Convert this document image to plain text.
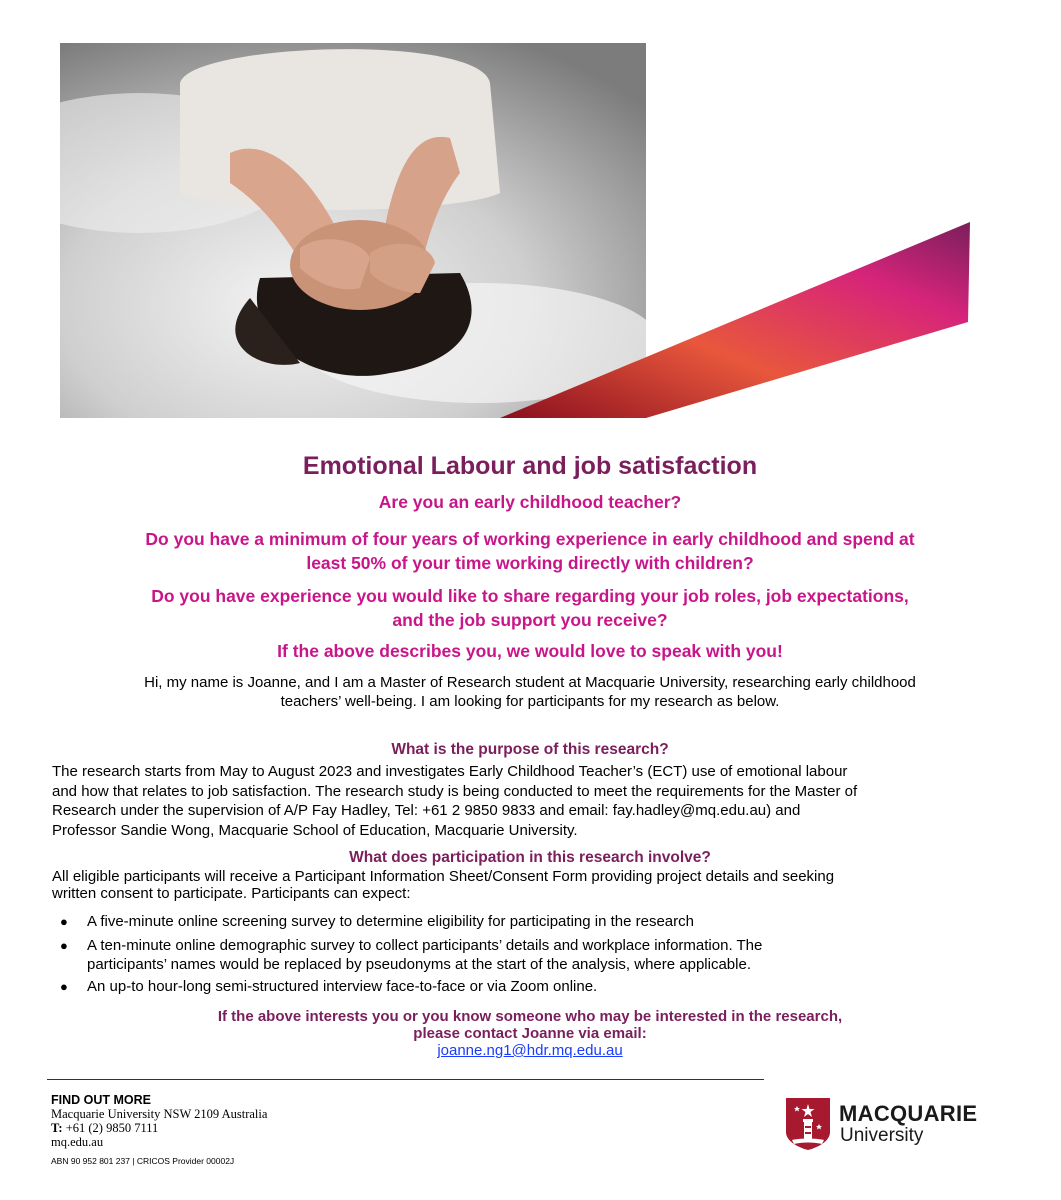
Emotional Labour and job satisfaction
Are you an early childhood teacher?
Do you have a minimum of four years of working experience in early childhood and spend at
least 50% of your time working directly with children?
Do you have experience you would like to share regarding your job roles, job expectations,
and the job support you receive?
If the above describes you, we would love to speak with you!
Hi, my name is Joanne, and I am a Master of Research student at Macquarie University, researching early childhood
teachers’ well-being. I am looking for participants for my research as below.
What is the purpose of this research?
The research starts from May to August 2023 and investigates Early Childhood Teacher’s (ECT) use of emotional labour
and how that relates to job satisfaction. The research study is being conducted to meet the requirements for the Master of
Research under the supervision of A/P Fay Hadley, Tel: +61 2 9850 9833 and email: fay.hadley@mq.edu.au) and
Professor Sandie Wong, Macquarie School of Education, Macquarie University.
What does participation in this research involve?
All eligible participants will receive a Participant Information Sheet/Consent Form providing project details and seeking
written consent to participate. Participants can expect:
● A five-minute online screening survey to determine eligibility for participating in the research
● A ten-minute online demographic survey to collect participants’ details and workplace information. The
participants’ names would be replaced by pseudonyms at the start of the analysis, where applicable.
● An up-to hour-long semi-structured interview face-to-face or via Zoom online.
If the above interests you or you know someone who may be interested in the research,
please contact Joanne via email:
joanne.ng1@hdr.mq.edu.au
FIND OUT MORE
Macquarie University NSW 2109 Australia
T: +61 (2) 9850 7111
mq.edu.au
ABN 90 952 801 237 | CRICOS Provider 00002J
MACQUARIE
University
